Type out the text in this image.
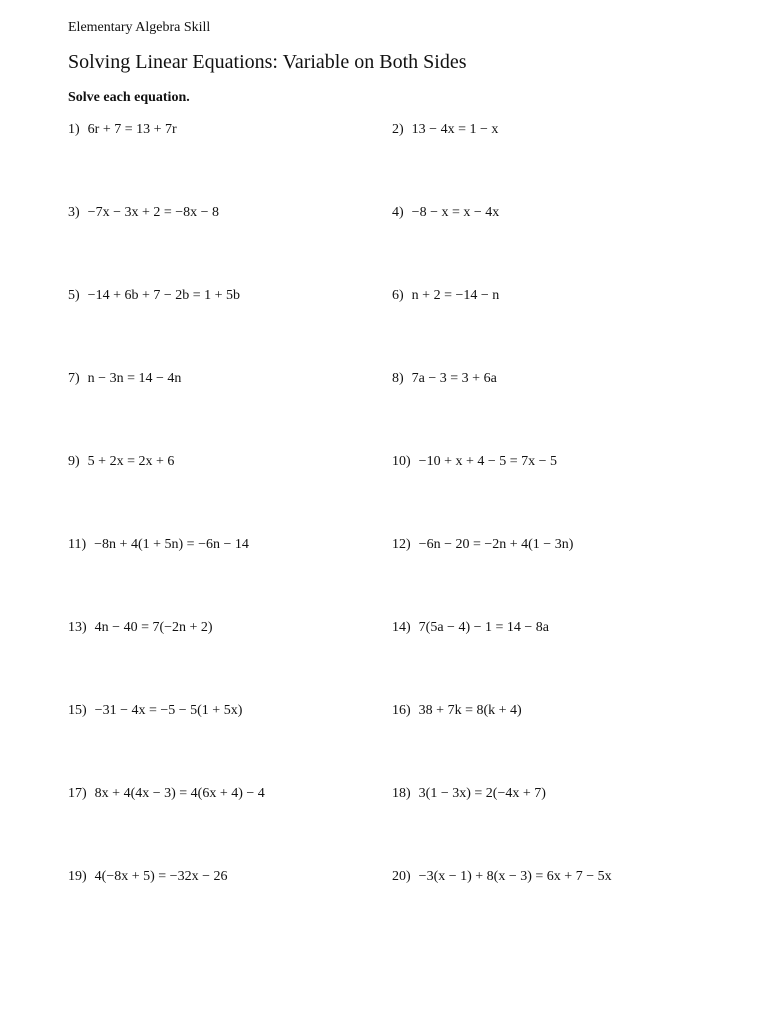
Elementary Algebra Skill
Solving Linear Equations: Variable on Both Sides
Solve each equation.
1) 6r + 7 = 13 + 7r	2) 13 − 4x = 1 − x
3) −7x − 3x + 2 = −8x − 8	4) −8 − x = x − 4x
5) −14 + 6b + 7 − 2b = 1 + 5b	6) n + 2 = −14 − n
7) n − 3n = 14 − 4n	8) 7a − 3 = 3 + 6a
9) 5 + 2x = 2x + 6	10) −10 + x + 4 − 5 = 7x − 5
11) −8n + 4(1 + 5n) = −6n − 14	12) −6n − 20 = −2n + 4(1 − 3n)
13) 4n − 40 = 7(−2n + 2)	14) 7(5a − 4) − 1 = 14 − 8a
15) −31 − 4x = −5 − 5(1 + 5x)	16) 38 + 7k = 8(k + 4)
17) 8x + 4(4x − 3) = 4(6x + 4) − 4	18) 3(1 − 3x) = 2(−4x + 7)
19) 4(−8x + 5) = −32x − 26	20) −3(x − 1) + 8(x − 3) = 6x + 7 − 5x
